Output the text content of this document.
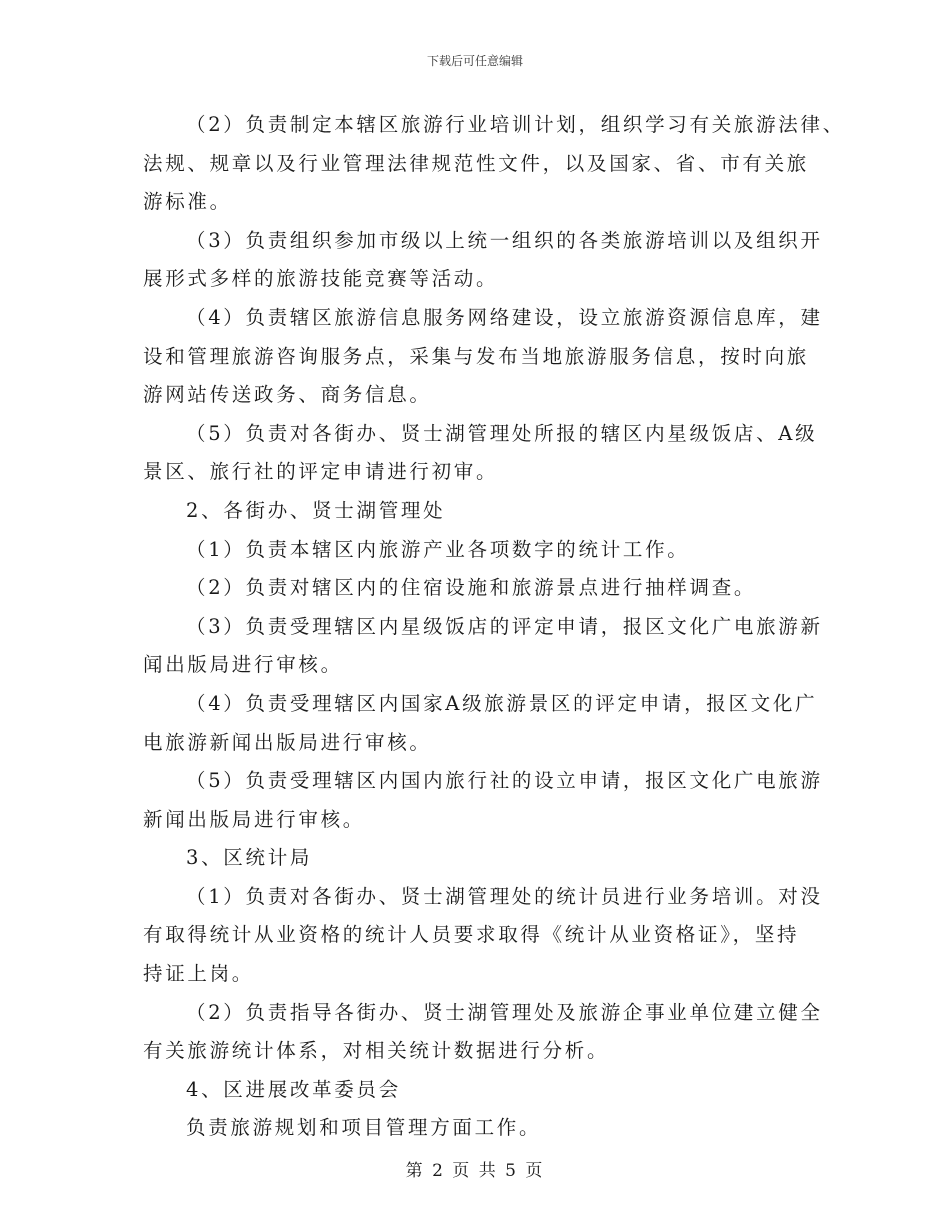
下载后可任意编辑

（2）负责制定本辖区旅游行业培训计划，组织学习有关旅游法律、

法规、规章以及行业管理法律规范性文件，以及国家、省、市有关旅

游标准。

（3）负责组织参加市级以上统一组织的各类旅游培训以及组织开

展形式多样的旅游技能竞赛等活动。

（4）负责辖区旅游信息服务网络建设，设立旅游资源信息库，建

设和管理旅游咨询服务点，采集与发布当地旅游服务信息，按时向旅

游网站传送政务、商务信息。

（5）负责对各街办、贤士湖管理处所报的辖区内星级饭店、A级

景区、旅行社的评定申请进行初审。

2、各街办、贤士湖管理处

（1）负责本辖区内旅游产业各项数字的统计工作。

（2）负责对辖区内的住宿设施和旅游景点进行抽样调查。

（3）负责受理辖区内星级饭店的评定申请，报区文化广电旅游新

闻出版局进行审核。

（4）负责受理辖区内国家A级旅游景区的评定申请，报区文化广

电旅游新闻出版局进行审核。

（5）负责受理辖区内国内旅行社的设立申请，报区文化广电旅游

新闻出版局进行审核。

3、区统计局

（1）负责对各街办、贤士湖管理处的统计员进行业务培训。对没

有取得统计从业资格的统计人员要求取得《统计从业资格证》，坚持

持证上岗。

（2）负责指导各街办、贤士湖管理处及旅游企事业单位建立健全

有关旅游统计体系，对相关统计数据进行分析。

4、区进展改革委员会

负责旅游规划和项目管理方面工作。

第 2 页 共 5 页
